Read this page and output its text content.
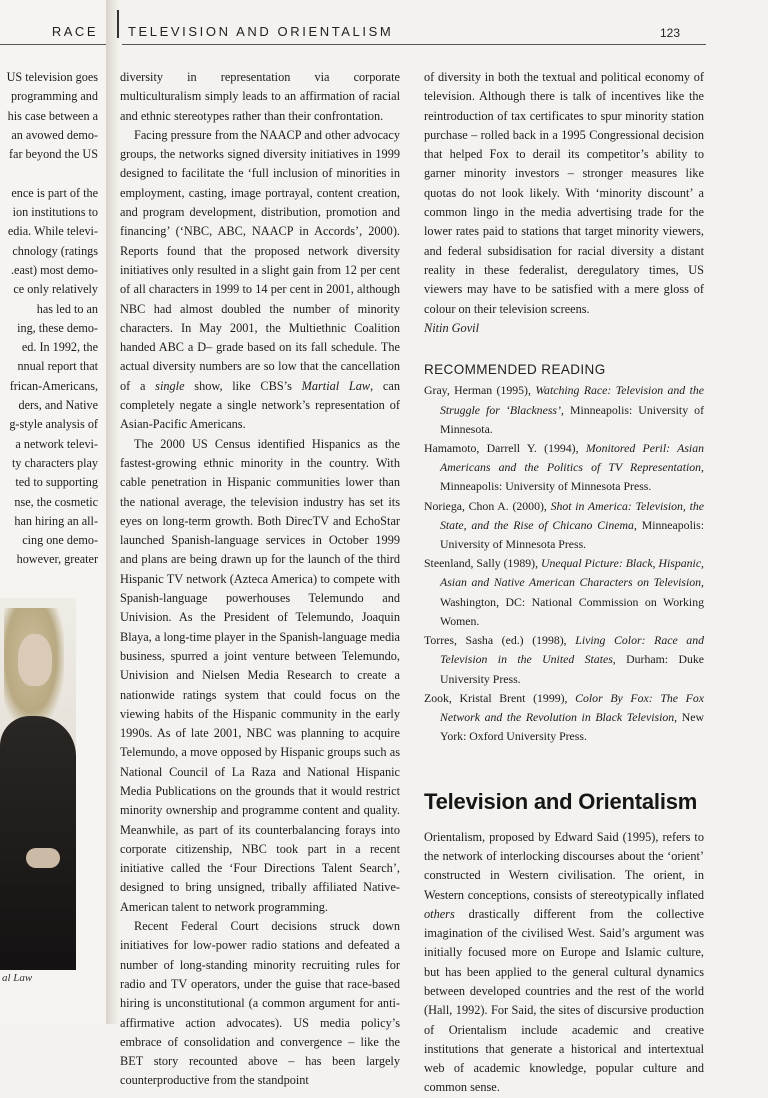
RACE
US television goes
programming and
his case between a
an avowed demo-
far beyond the US
ence is part of the
ion institutions to
edia. While televi-
chnology (ratings
.east) most demo-
ce only relatively
has led to an
ing, these demo-
ed. In 1992, the
nnual report that
frican-Americans,
ders, and Native
g-style analysis of
a network televi-
ty characters play
ted to supporting
nse, the cosmetic
han hiring an all-
cing one demo-
however, greater
al Law
TELEVISION AND ORIENTALISM	123

diversity in representation via corporate multiculturalism simply leads to an affirmation of racial and ethnic stereotypes rather than their confrontation.

Facing pressure from the NAACP and other advocacy groups, the networks signed diversity initiatives in 1999 designed to facilitate the ‘full inclusion of minorities in employment, casting, image portrayal, content creation, and program development, distribution, promotion and financing’ (‘NBC, ABC, NAACP in Accords’, 2000). Reports found that the proposed network diversity initiatives only resulted in a slight gain from 12 per cent of all characters in 1999 to 14 per cent in 2001, although NBC had almost doubled the number of minority characters. In May 2001, the Multiethnic Coalition handed ABC a D– grade based on its fall schedule. The actual diversity numbers are so low that the cancellation of a single show, like CBS’s Martial Law, can completely negate a single network’s representation of Asian-Pacific Americans.

The 2000 US Census identified Hispanics as the fastest-growing ethnic minority in the country. With cable penetration in Hispanic communities lower than the national average, the television industry has set its eyes on long-term growth. Both DirecTV and EchoStar launched Spanish-language services in October 1999 and plans are being drawn up for the launch of the third Hispanic TV network (Azteca America) to compete with Spanish-language powerhouses Telemundo and Univision. As the President of Telemundo, Joaquin Blaya, a long-time player in the Spanish-language media business, spurred a joint venture between Telemundo, Univision and Nielsen Media Research to create a nationwide ratings system that could focus on the viewing habits of the Hispanic community in the early 1990s. As of late 2001, NBC was planning to acquire Telemundo, a move opposed by Hispanic groups such as National Council of La Raza and National Hispanic Media Publications on the grounds that it would restrict minority ownership and programme content and quality. Meanwhile, as part of its counterbalancing forays into corporate citizenship, NBC took part in a recent initiative called the ‘Four Directions Talent Search’, designed to bring unsigned, tribally affiliated Native-American talent to network programming.

Recent Federal Court decisions struck down initiatives for low-power radio stations and defeated a number of long-standing minority recruiting rules for radio and TV operators, under the guise that race-based hiring is unconstitutional (a common argument for anti-affirmative action advocates). US media policy’s embrace of consolidation and convergence – like the BET story recounted above – has been largely counterproductive from the standpoint

of diversity in both the textual and political economy of television. Although there is talk of incentives like the reintroduction of tax certificates to spur minority station purchase – rolled back in a 1995 Congressional decision that helped Fox to derail its competitor’s ability to garner minority investors – stronger measures like quotas do not look likely. With ‘minority discount’ a common lingo in the media advertising trade for the lower rates paid to stations that target minority viewers, and federal subsidisation for racial diversity a distant reality in these federalist, deregulatory times, US viewers may have to be satisfied with a mere gloss of colour on their television screens.

Nitin Govil

RECOMMENDED READING

Gray, Herman (1995), Watching Race: Television and the Struggle for ‘Blackness’, Minneapolis: University of Minnesota.

Hamamoto, Darrell Y. (1994), Monitored Peril: Asian Americans and the Politics of TV Representation, Minneapolis: University of Minnesota Press.

Noriega, Chon A. (2000), Shot in America: Television, the State, and the Rise of Chicano Cinema, Minneapolis: University of Minnesota Press.

Steenland, Sally (1989), Unequal Picture: Black, Hispanic, Asian and Native American Characters on Television, Washington, DC: National Commission on Working Women.

Torres, Sasha (ed.) (1998), Living Color: Race and Television in the United States, Durham: Duke University Press.

Zook, Kristal Brent (1999), Color By Fox: The Fox Network and the Revolution in Black Television, New York: Oxford University Press.

Television and Orientalism

Orientalism, proposed by Edward Said (1995), refers to the network of interlocking discourses about the ‘orient’ constructed in Western civilisation. The orient, in Western conceptions, consists of stereotypically inflated others drastically different from the collective imagination of the civilised West. Said’s argument was initially focused more on Europe and Islamic culture, but has been applied to the general cultural dynamics between developed countries and the rest of the world (Hall, 1992). For Said, the sites of discursive production of Orientalism include academic and creative institutions that generate a historical and intertextual web of academic knowledge, popular culture and common sense.
